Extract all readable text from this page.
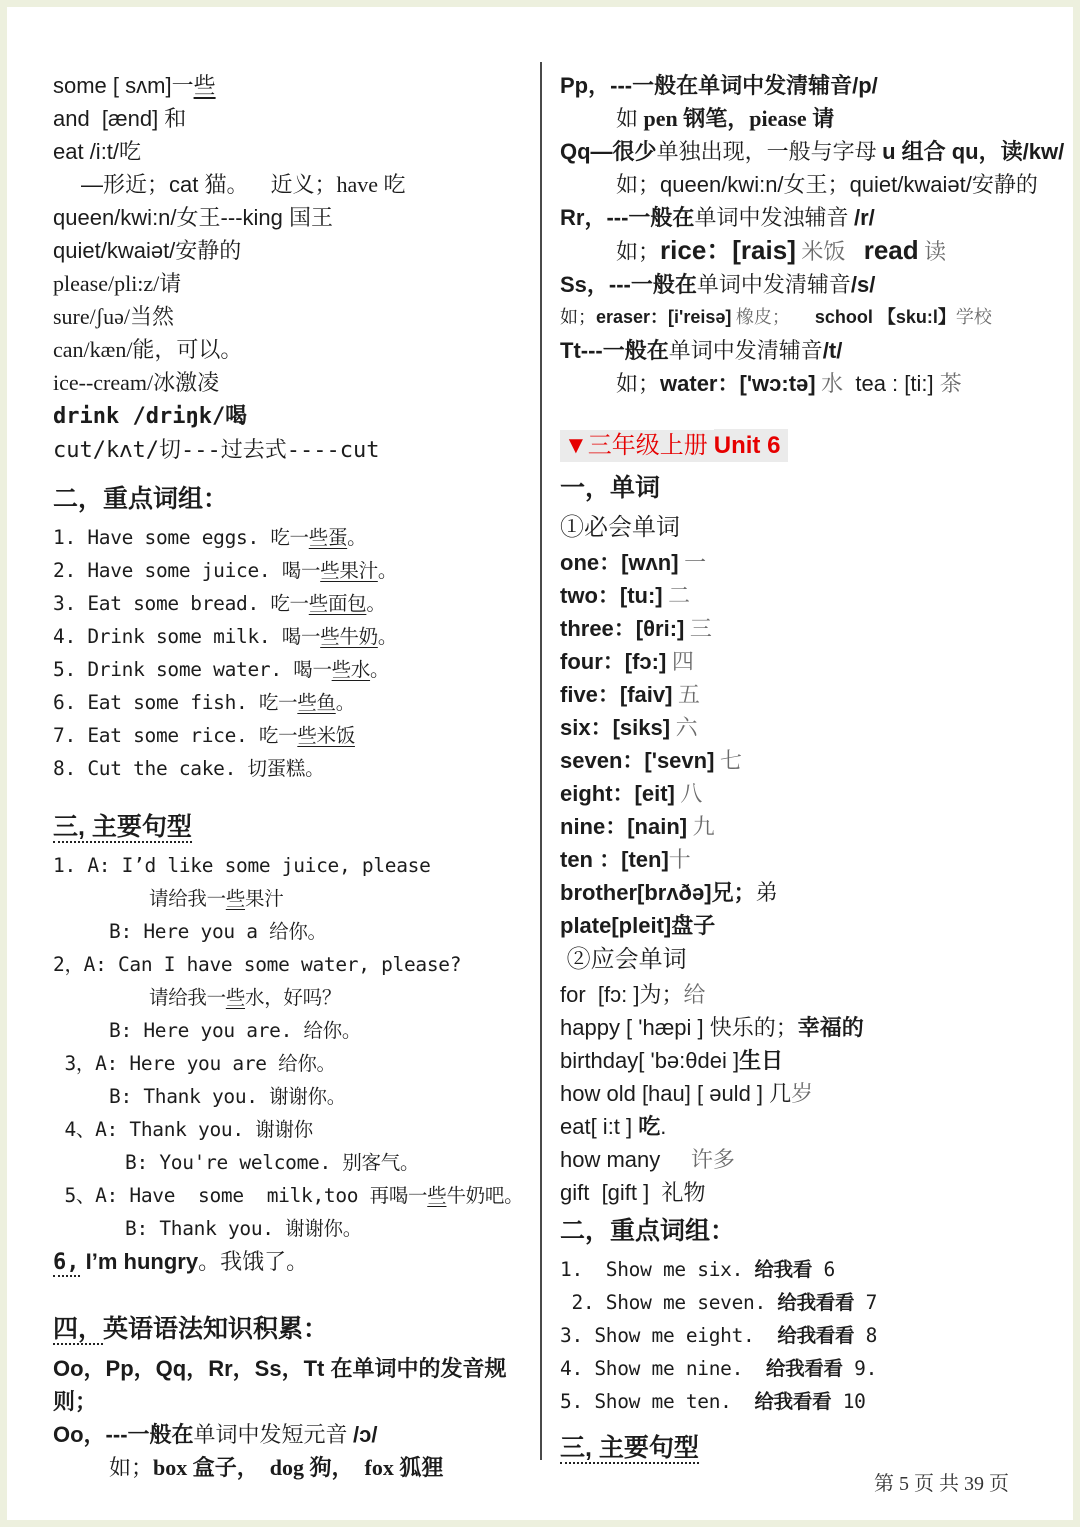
some [ sʌm]一些
and  [ænd] 和
eat /i:t/吃
—形近；cat 猫。    近义；have 吃
queen/kwi:n/女王---king 国王
quiet/kwaiət/安静的
please/pli:z/请
sure/ʃuə/当然
can/kæn/能，可以。
ice--cream/冰激凌
drink /driŋk/喝
cut/kʌt/切---过去式----cut
二，重点词组：
1. Have some eggs. 吃一些蛋。
2. Have some juice. 喝一些果汁。
3. Eat some bread. 吃一些面包。
4. Drink some milk. 喝一些牛奶。
5. Drink some water. 喝一些水。
6. Eat some fish. 吃一些鱼。
7. Eat some rice. 吃一些米饭
8. Cut the cake. 切蛋糕。
三, 主要句型
1. A: I’d like some juice, please
请给我一些果汁
B: Here you a 给你。
2，A: Can I have some water, please?
请给我一些水，好吗？
B: Here you are. 给你。
3，A: Here you are 给你。
B: Thank you. 谢谢你。
4、A: Thank you. 谢谢你
B: You're welcome. 别客气。
5、A: Have  some  milk,too 再喝一些牛奶吧。
B: Thank you. 谢谢你。
6, I’m hungry。我饿了。
四，英语语法知识积累：
Oo，Pp，Qq，Rr，Ss，Tt 在单词中的发音规则；
Oo，---一般在单词中发短元音 /ɔ/
如；box 盒子，  dog 狗，  fox 狐狸
Pp，---一般在单词中发清辅音/p/
如 pen 钢笔，piease 请
Qq—很少单独出现，一般与字母 u 组合 qu，读/kw/
如；queen/kwi:n/女王；quiet/kwaiət/安静的
Rr，---一般在单词中发浊辅音 /r/
如；rice：[rais] 米饭 read 读
Ss，---一般在单词中发清辅音/s/
如；eraser：[i'reisə] 橡皮； school 【sku:l】学校
Tt---一般在单词中发清辅音/t/
如；water：['wɔ:tə] 水  tea : [ti:] 茶
▼三年级上册 Unit 6
一，单词
①必会单词
one：[wʌn] 一
two：[tu:] 二
three：[θri:] 三
four：[fɔ:] 四
five：[faiv] 五
six：[siks] 六
seven：['sevn] 七
eight：[eit] 八
nine：[nain] 九
ten ：[ten]十
brother[brʌðə]兄；弟
plate[pleit]盘子
②应会单词
for  [fɔ: ]为；给
happy [ 'hæpi ] 快乐的；幸福的
birthday[ 'bə:θdei ]生日
how old [hau] [ əuld ] 几岁
eat[ i:t ] 吃.
how many     许多
gift  [gift ]  礼物
二，重点词组：
1.  Show me six. 给我看 6
2. Show me seven. 给我看看 7
3. Show me eight.  给我看看 8
4. Show me nine.  给我看看 9.
5. Show me ten.  给我看看 10
三, 主要句型
第 5 页 共 39 页
